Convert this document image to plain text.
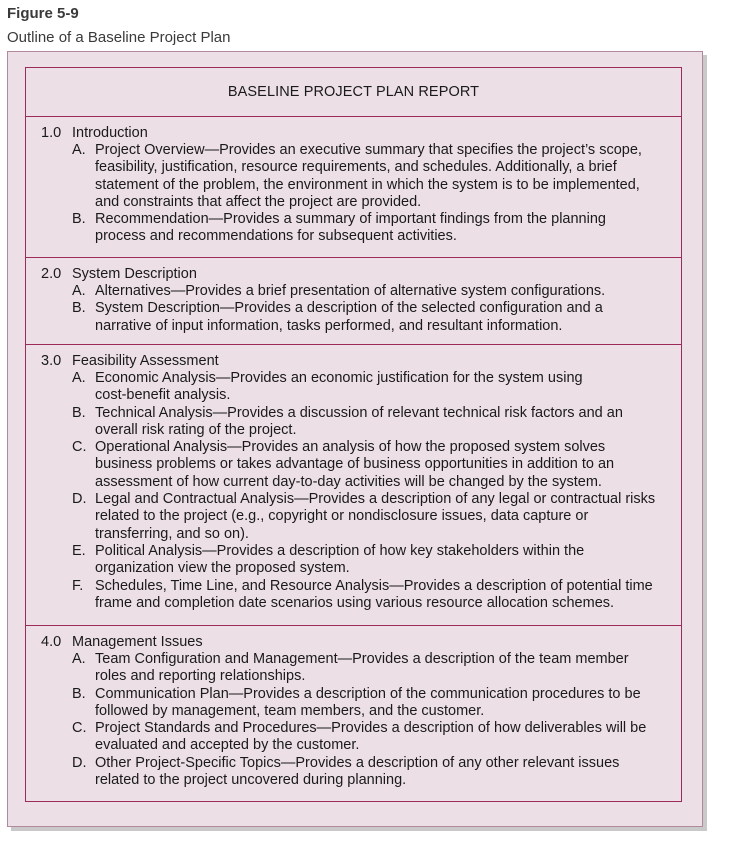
Figure 5-9
Outline of a Baseline Project Plan
BASELINE PROJECT PLAN REPORT
1.0 Introduction
A. Project Overview—Provides an executive summary that specifies the project’s scope,
feasibility, justification, resource requirements, and schedules. Additionally, a brief
statement of the problem, the environment in which the system is to be implemented,
and constraints that affect the project are provided.
B. Recommendation—Provides a summary of important findings from the planning
process and recommendations for subsequent activities.
2.0 System Description
A. Alternatives—Provides a brief presentation of alternative system configurations.
B. System Description—Provides a description of the selected configuration and a
narrative of input information, tasks performed, and resultant information.
3.0 Feasibility Assessment
A. Economic Analysis—Provides an economic justification for the system using
cost-benefit analysis.
B. Technical Analysis—Provides a discussion of relevant technical risk factors and an
overall risk rating of the project.
C. Operational Analysis—Provides an analysis of how the proposed system solves
business problems or takes advantage of business opportunities in addition to an
assessment of how current day-to-day activities will be changed by the system.
D. Legal and Contractual Analysis—Provides a description of any legal or contractual risks
related to the project (e.g., copyright or nondisclosure issues, data capture or
transferring, and so on).
E. Political Analysis—Provides a description of how key stakeholders within the
organization view the proposed system.
F. Schedules, Time Line, and Resource Analysis—Provides a description of potential time
frame and completion date scenarios using various resource allocation schemes.
4.0 Management Issues
A. Team Configuration and Management—Provides a description of the team member
roles and reporting relationships.
B. Communication Plan—Provides a description of the communication procedures to be
followed by management, team members, and the customer.
C. Project Standards and Procedures—Provides a description of how deliverables will be
evaluated and accepted by the customer.
D. Other Project-Specific Topics—Provides a description of any other relevant issues
related to the project uncovered during planning.
